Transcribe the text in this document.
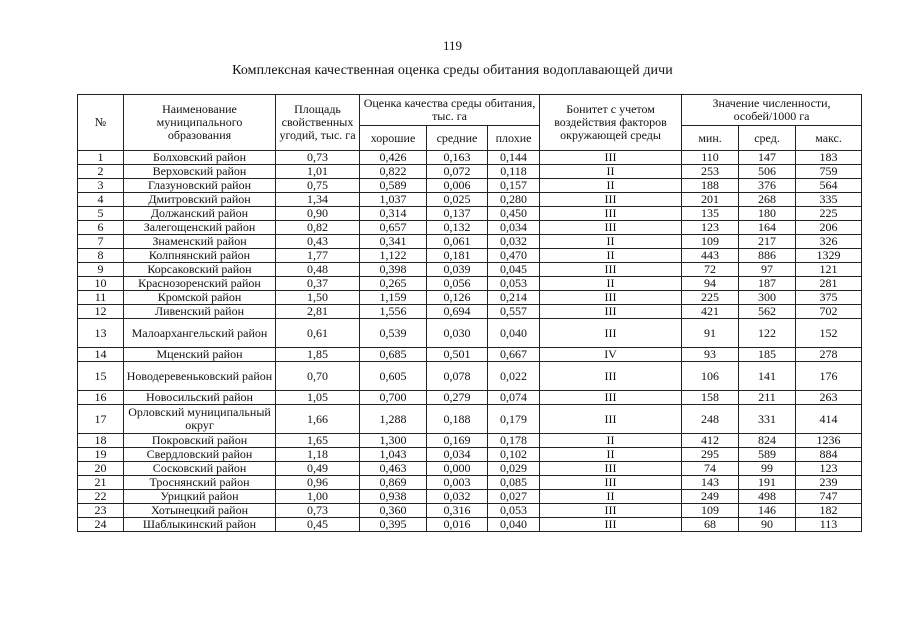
119
Комплексная качественная оценка среды обитания водоплавающей дичи
№	Наименование муниципального образования	Площадь свойственных угодий, тыс. га	Оценка качества среды обитания, тыс. га			Бонитет с учетом воздействия факторов окружающей среды	Значение численности, особей/1000 га		
			хорошие	средние	плохие		мин.	сред.	макс.
1	Болховский район	0,73	0,426	0,163	0,144	III	110	147	183
2	Верховский район	1,01	0,822	0,072	0,118	II	253	506	759
3	Глазуновский район	0,75	0,589	0,006	0,157	II	188	376	564
4	Дмитровский район	1,34	1,037	0,025	0,280	III	201	268	335
5	Должанский район	0,90	0,314	0,137	0,450	III	135	180	225
6	Залегощенский район	0,82	0,657	0,132	0,034	III	123	164	206
7	Знаменский район	0,43	0,341	0,061	0,032	II	109	217	326
8	Колпнянский район	1,77	1,122	0,181	0,470	II	443	886	1329
9	Корсаковский район	0,48	0,398	0,039	0,045	III	72	97	121
10	Краснозоренский район	0,37	0,265	0,056	0,053	II	94	187	281
11	Кромской район	1,50	1,159	0,126	0,214	III	225	300	375
12	Ливенский район	2,81	1,556	0,694	0,557	III	421	562	702
13	Малоархангельский район	0,61	0,539	0,030	0,040	III	91	122	152
14	Мценский район	1,85	0,685	0,501	0,667	IV	93	185	278
15	Новодеревеньковский район	0,70	0,605	0,078	0,022	III	106	141	176
16	Новосильский район	1,05	0,700	0,279	0,074	III	158	211	263
17	Орловский муниципальный округ	1,66	1,288	0,188	0,179	III	248	331	414
18	Покровский район	1,65	1,300	0,169	0,178	II	412	824	1236
19	Свердловский район	1,18	1,043	0,034	0,102	II	295	589	884
20	Сосковский район	0,49	0,463	0,000	0,029	III	74	99	123
21	Троснянский район	0,96	0,869	0,003	0,085	III	143	191	239
22	Урицкий район	1,00	0,938	0,032	0,027	II	249	498	747
23	Хотынецкий район	0,73	0,360	0,316	0,053	III	109	146	182
24	Шаблыкинский район	0,45	0,395	0,016	0,040	III	68	90	113
